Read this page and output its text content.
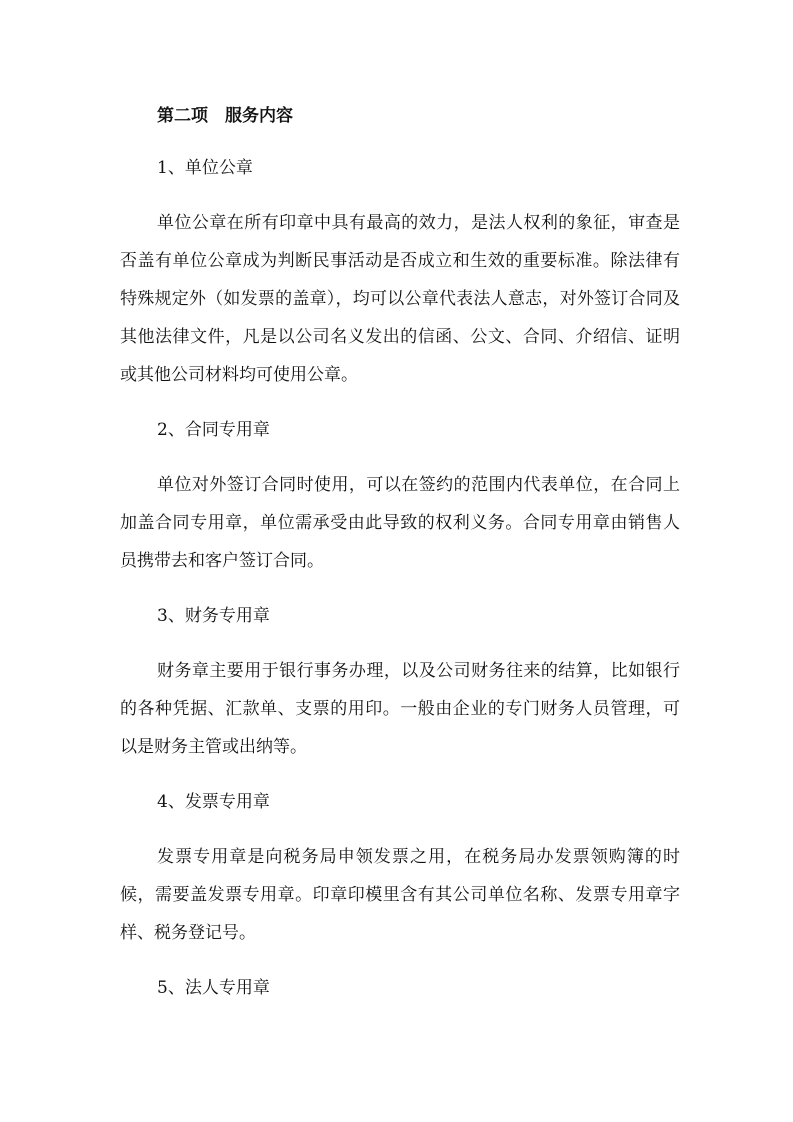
第二项　服务内容
1、单位公章

单位公章在所有印章中具有最高的效力，是法人权利的象征，审查是否盖有单位公章成为判断民事活动是否成立和生效的重要标准。除法律有特殊规定外（如发票的盖章），均可以公章代表法人意志，对外签订合同及其他法律文件，凡是以公司名义发出的信函、公文、合同、介绍信、证明或其他公司材料均可使用公章。

2、合同专用章

单位对外签订合同时使用，可以在签约的范围内代表单位，在合同上加盖合同专用章，单位需承受由此导致的权利义务。合同专用章由销售人员携带去和客户签订合同。

3、财务专用章

财务章主要用于银行事务办理，以及公司财务往来的结算，比如银行的各种凭据、汇款单、支票的用印。一般由企业的专门财务人员管理，可以是财务主管或出纳等。

4、发票专用章

发票专用章是向税务局申领发票之用，在税务局办发票领购簿的时候，需要盖发票专用章。印章印模里含有其公司单位名称、发票专用章字样、税务登记号。

5、法人专用章
